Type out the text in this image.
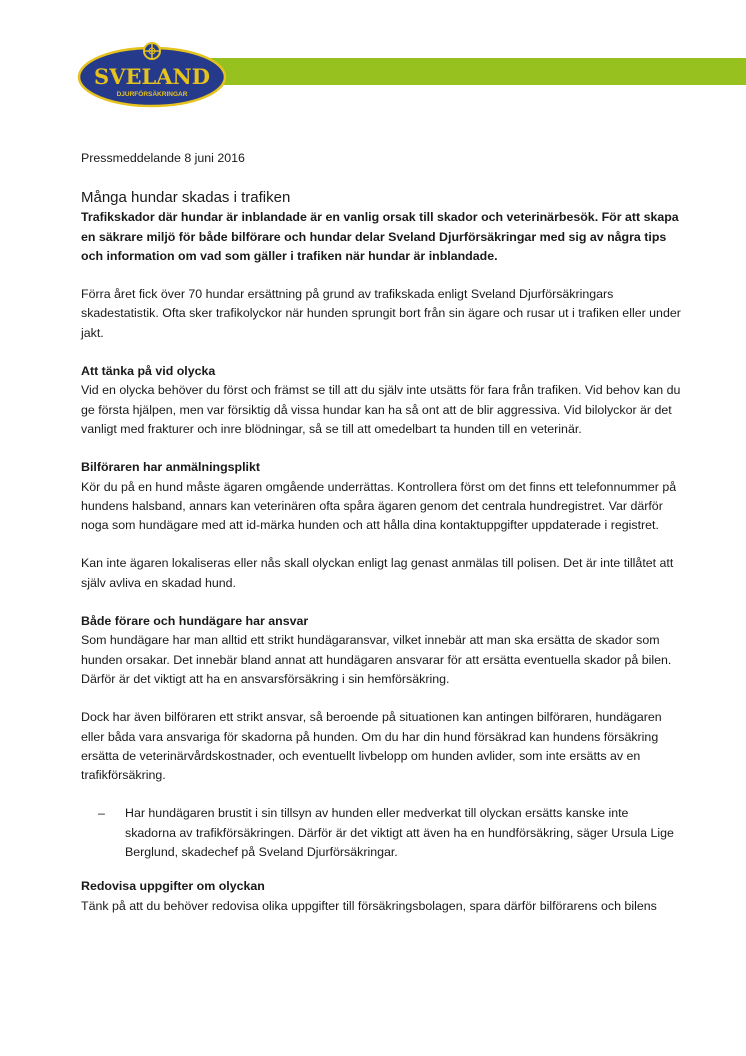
SVELAND
DJURFÖRSÄKRINGAR
Pressmeddelande 8 juni 2016
Många hundar skadas i trafiken
Trafikskador där hundar är inblandade är en vanlig orsak till skador och veterinärbesök. För att skapa en säkrare miljö för både bilförare och hundar delar Sveland Djurförsäkringar med sig av några tips och information om vad som gäller i trafiken när hundar är inblandade.
Förra året fick över 70 hundar ersättning på grund av trafikskada enligt Sveland Djurförsäkringars skadestatistik. Ofta sker trafikolyckor när hunden sprungit bort från sin ägare och rusar ut i trafiken eller under jakt.
Att tänka på vid olycka
Vid en olycka behöver du först och främst se till att du själv inte utsätts för fara från trafiken. Vid behov kan du ge första hjälpen, men var försiktig då vissa hundar kan ha så ont att de blir aggressiva. Vid bilolyckor är det vanligt med frakturer och inre blödningar, så se till att omedelbart ta hunden till en veterinär.
Bilföraren har anmälningsplikt
Kör du på en hund måste ägaren omgående underrättas. Kontrollera först om det finns ett telefonnummer på hundens halsband, annars kan veterinären ofta spåra ägaren genom det centrala hundregistret. Var därför noga som hundägare med att id-märka hunden och att hålla dina kontaktuppgifter uppdaterade i registret.
Kan inte ägaren lokaliseras eller nås skall olyckan enligt lag genast anmälas till polisen. Det är inte tillåtet att själv avliva en skadad hund.
Både förare och hundägare har ansvar
Som hundägare har man alltid ett strikt hundägaransvar, vilket innebär att man ska ersätta de skador som hunden orsakar. Det innebär bland annat att hundägaren ansvarar för att ersätta eventuella skador på bilen. Därför är det viktigt att ha en ansvarsförsäkring i sin hemförsäkring.
Dock har även bilföraren ett strikt ansvar, så beroende på situationen kan antingen bilföraren, hundägaren eller båda vara ansvariga för skadorna på hunden. Om du har din hund försäkrad kan hundens försäkring ersätta de veterinärvårdskostnader, och eventuellt livbelopp om hunden avlider, som inte ersätts av en trafikförsäkring.
– Har hundägaren brustit i sin tillsyn av hunden eller medverkat till olyckan ersätts kanske inte skadorna av trafikförsäkringen. Därför är det viktigt att även ha en hundförsäkring, säger Ursula Lige Berglund, skadechef på Sveland Djurförsäkringar.
Redovisa uppgifter om olyckan
Tänk på att du behöver redovisa olika uppgifter till försäkringsbolagen, spara därför bilförarens och bilens
